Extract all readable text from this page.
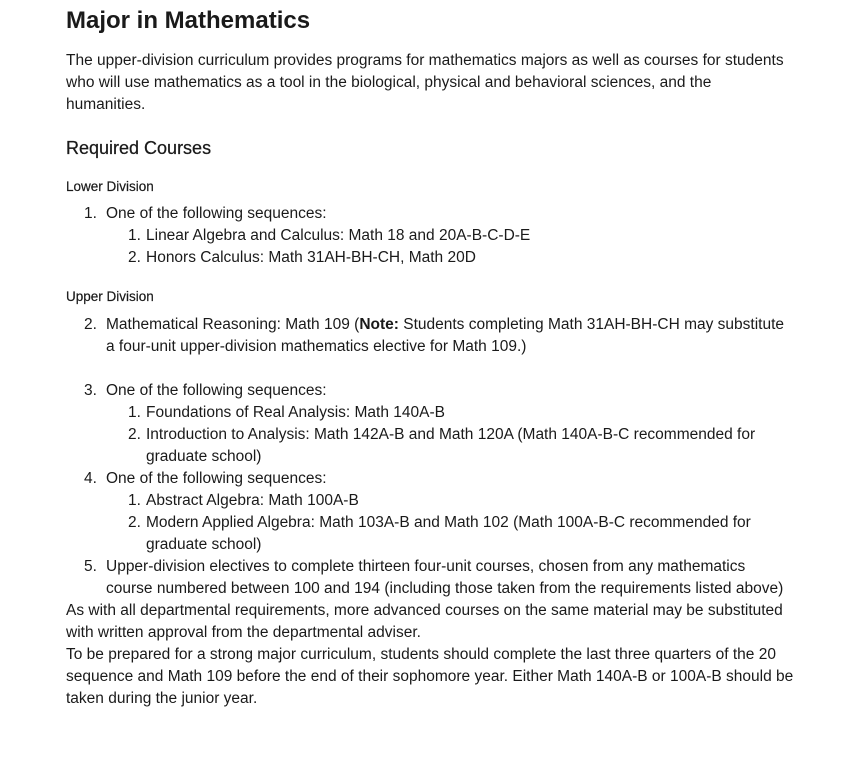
Major in Mathematics

The upper-division curriculum provides programs for mathematics majors as well as courses for students who will use mathematics as a tool in the biological, physical and behavioral sciences, and the humanities.

Required Courses
Lower Division
1. One of the following sequences:
1. Linear Algebra and Calculus: Math 18 and 20A-B-C-D-E
2. Honors Calculus: Math 31AH-BH-CH, Math 20D
Upper Division
2. Mathematical Reasoning: Math 109 (Note: Students completing Math 31AH-BH-CH may substitute a four-unit upper-division mathematics elective for Math 109.)
3. One of the following sequences:
1. Foundations of Real Analysis: Math 140A-B
2. Introduction to Analysis: Math 142A-B and Math 120A (Math 140A-B-C recommended for graduate school)
4. One of the following sequences:
1. Abstract Algebra: Math 100A-B
2. Modern Applied Algebra: Math 103A-B and Math 102 (Math 100A-B-C recommended for graduate school)
5. Upper-division electives to complete thirteen four-unit courses, chosen from any mathematics course numbered between 100 and 194 (including those taken from the requirements listed above)

As with all departmental requirements, more advanced courses on the same material may be substituted with written approval from the departmental adviser.

To be prepared for a strong major curriculum, students should complete the last three quarters of the 20 sequence and Math 109 before the end of their sophomore year. Either Math 140A-B or 100A-B should be taken during the junior year.
